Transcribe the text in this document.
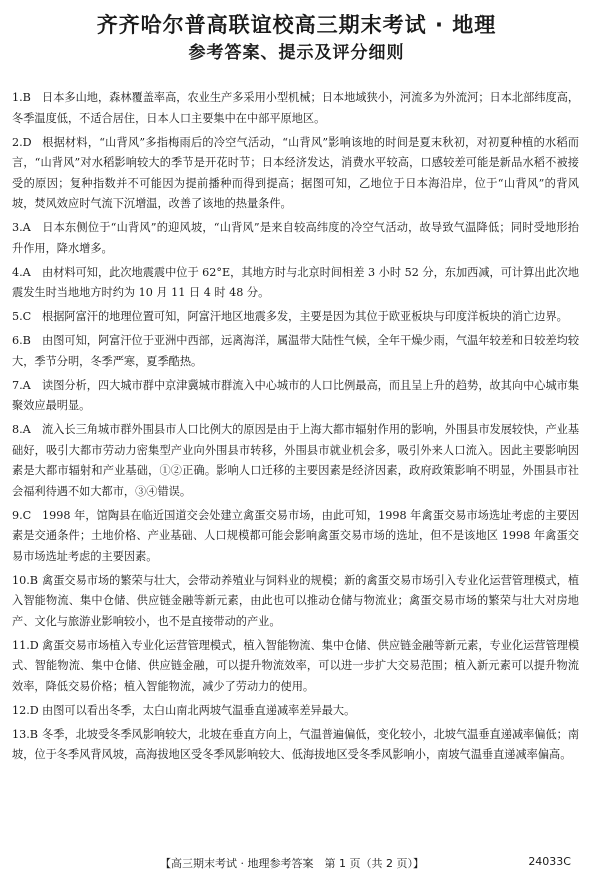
齐齐哈尔普高联谊校高三期末考试 · 地理
参考答案、提示及评分细则
1.B 日本多山地，森林覆盖率高，农业生产多采用小型机械；日本地域狭小，河流多为外流河；日本北部纬度高，冬季温度低，不适合居住，日本人口主要集中在中部平原地区。
2.D 根据材料，“山背风”多指梅雨后的冷空气活动，“山背风”影响该地的时间是夏末秋初，对初夏种植的水稻而言，“山背风”对水稻影响较大的季节是开花时节；日本经济发达，消费水平较高，口感较差可能是新品水稻不被接受的原因；复种指数并不可能因为提前播种而得到提高；据图可知，乙地位于日本海沿岸，位于“山背风”的背风坡，焚风效应时气流下沉增温，改善了该地的热量条件。
3.A 日本东侧位于“山背风”的迎风坡，“山背风”是来自较高纬度的冷空气活动，故导致气温降低；同时受地形抬升作用，降水增多。
4.A 由材料可知，此次地震震中位于 62°E，其地方时与北京时间相差 3 小时 52 分，东加西减，可计算出此次地震发生时当地地方时约为 10 月 11 日 4 时 48 分。
5.C 根据阿富汗的地理位置可知，阿富汗地区地震多发，主要是因为其位于欧亚板块与印度洋板块的消亡边界。
6.B 由图可知，阿富汗位于亚洲中西部，远离海洋，属温带大陆性气候，全年干燥少雨，气温年较差和日较差均较大，季节分明，冬季严寒，夏季酷热。
7.A 读图分析，四大城市群中京津冀城市群流入中心城市的人口比例最高，而且呈上升的趋势，故其向中心城市集聚效应最明显。
8.A 流入长三角城市群外围县市人口比例大的原因是由于上海大都市辐射作用的影响，外围县市发展较快，产业基础好，吸引大都市劳动力密集型产业向外围县市转移，外围县市就业机会多，吸引外来人口流入。因此主要影响因素是大都市辐射和产业基础，①②正确。影响人口迁移的主要因素是经济因素，政府政策影响不明显，外围县市社会福利待遇不如大都市，③④错误。
9.C 1998 年，馆陶县在临近国道交会处建立禽蛋交易市场，由此可知，1998 年禽蛋交易市场选址考虑的主要因素是交通条件；土地价格、产业基础、人口规模都可能会影响禽蛋交易市场的选址，但不是该地区 1998 年禽蛋交易市场选址考虑的主要因素。
10.B 禽蛋交易市场的繁荣与壮大，会带动养殖业与饲料业的规模；新的禽蛋交易市场引入专业化运营管理模式，植入智能物流、集中仓储、供应链金融等新元素，由此也可以推动仓储与物流业；禽蛋交易市场的繁荣与壮大对房地产、文化与旅游业影响较小，也不是直接带动的产业。
11.D 禽蛋交易市场植入专业化运营管理模式，植入智能物流、集中仓储、供应链金融等新元素，专业化运营管理模式、智能物流、集中仓储、供应链金融，可以提升物流效率，可以进一步扩大交易范围；植入新元素可以提升物流效率，降低交易价格；植入智能物流，减少了劳动力的使用。
12.D 由图可以看出冬季，太白山南北两坡气温垂直递减率差异最大。
13.B 冬季，北坡受冬季风影响较大，北坡在垂直方向上，气温普遍偏低，变化较小，北坡气温垂直递减率偏低；南坡，位于冬季风背风坡，高海拔地区受冬季风影响较大、低海拔地区受冬季风影响小，南坡气温垂直递减率偏高。
【高三期末考试 · 地理参考答案　第 1 页（共 2 页）】	24033C
